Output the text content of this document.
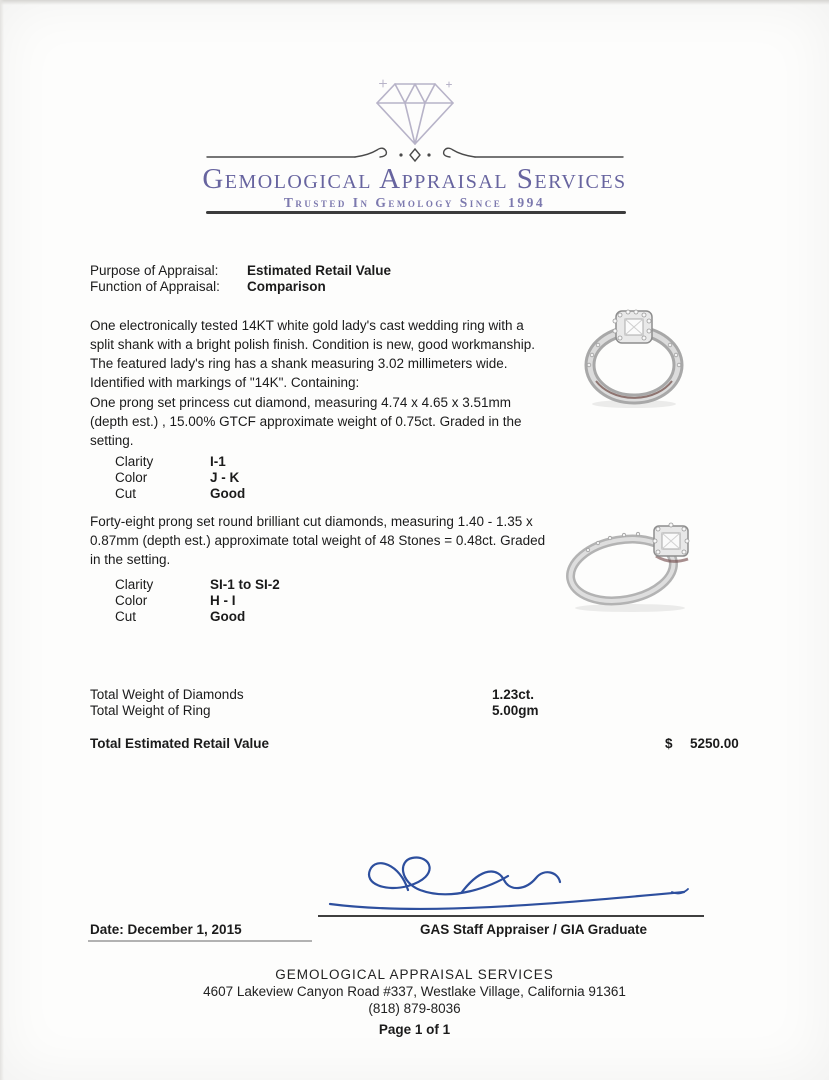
Gemological Appraisal Services
Trusted In Gemology Since 1994
Purpose of Appraisal:	Estimated Retail Value
Function of Appraisal:	Comparison

One electronically tested 14KT white gold lady's cast wedding ring with a split shank with a bright polish finish. Condition is new, good workmanship. The featured lady's ring has a shank measuring 3.02 millimeters wide. Identified with markings of "14K". Containing:

One prong set princess cut diamond, measuring 4.74 x 4.65 x 3.51mm (depth est.) , 15.00% GTCF approximate weight of 0.75ct. Graded in the setting.

Clarity	I-1
Color	J - K
Cut	Good

Forty-eight prong set round brilliant cut diamonds, measuring 1.40 - 1.35 x 0.87mm (depth est.) approximate total weight of 48 Stones = 0.48ct. Graded in the setting.

Clarity	SI-1 to SI-2
Color	H - I
Cut	Good
Total Weight of Diamonds	1.23ct.
Total Weight of Ring	5.00gm
Total Estimated Retail Value	$ 5250.00
Date: December 1, 2015	GAS Staff Appraiser / GIA Graduate
GEMOLOGICAL APPRAISAL SERVICES
4607 Lakeview Canyon Road #337, Westlake Village, California 91361
(818) 879-8036
Page 1 of 1
